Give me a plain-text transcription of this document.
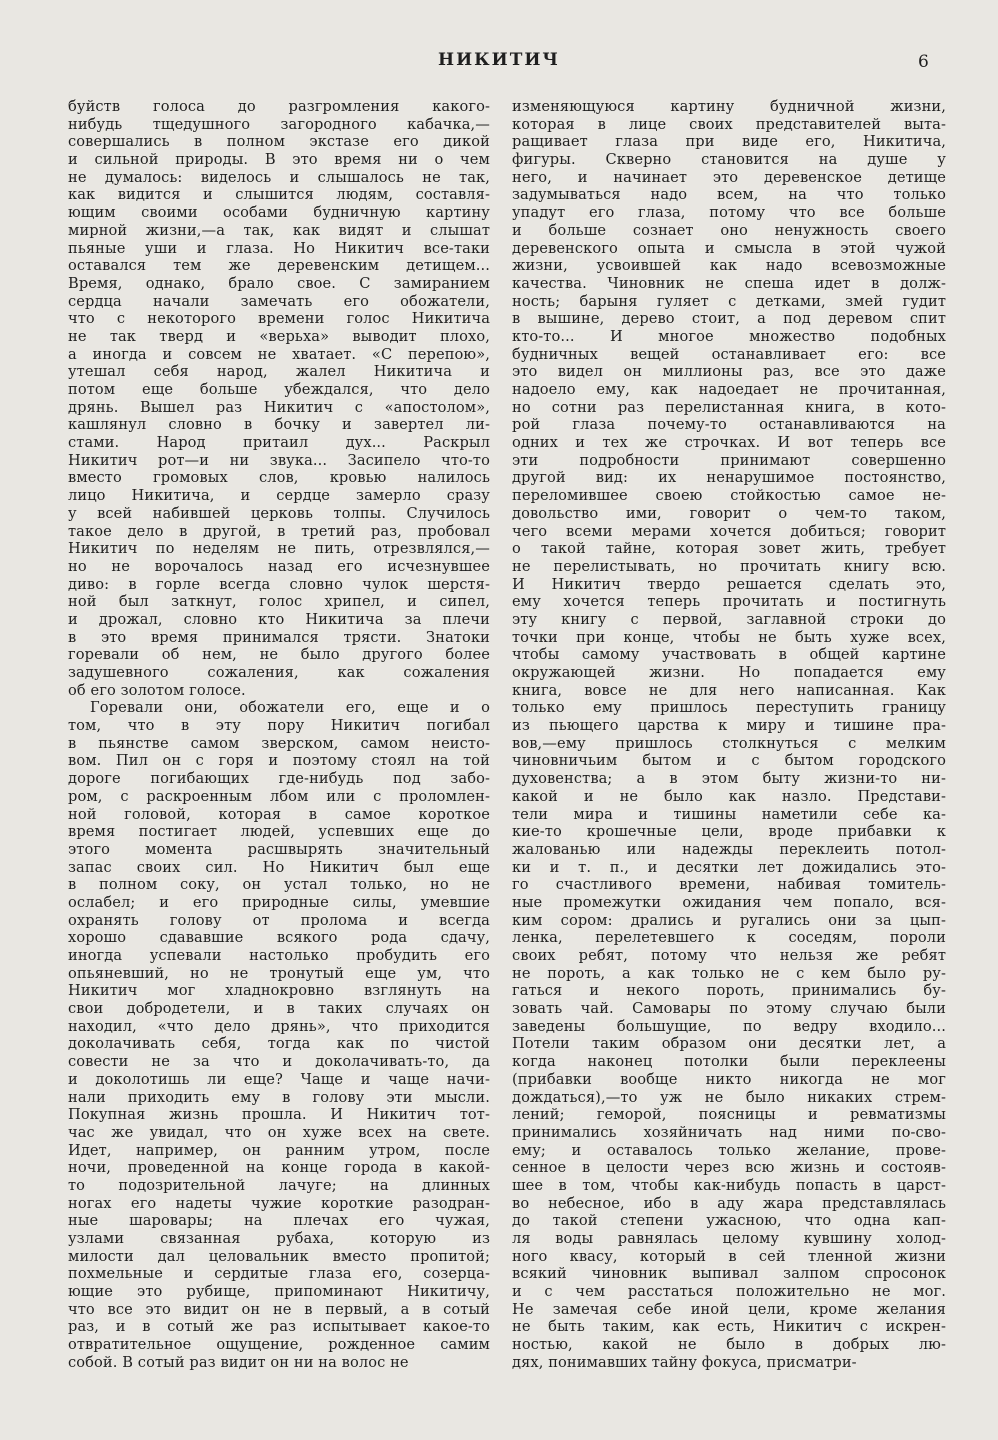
НИКИТИЧ	6
буйств голоса до разгромления какого-
нибудь тщедушного загородного кабачка,—
совершались в полном экстазе его дикой
и сильной природы. В это время ни о чем
не думалось: виделось и слышалось не так,
как видится и слышится людям, составля-
ющим своими особами будничную картину
мирной жизни,—а так, как видят и слышат
пьяные уши и глаза. Но Никитич все-таки
оставался тем же деревенским детищем...
Время, однако, брало свое. С замиранием
сердца начали замечать его обожатели,
что с некоторого времени голос Никитича
не так тверд и «верьха» выводит плохо,
а иногда и совсем не хватает. «С перепою»,
утешал себя народ, жалел Никитича и
потом еще больше убеждался, что дело
дрянь. Вышел раз Никитич с «апостолом»,
кашлянул словно в бочку и завертел ли-
стами. Народ притаил дух... Раскрыл
Никитич рот—и ни звука... Засипело что-то
вместо громовых слов, кровью налилось
лицо Никитича, и сердце замерло сразу
у всей набившей церковь толпы. Случилось
такое дело в другой, в третий раз, пробовал
Никитич по неделям не пить, отрезвлялся,—
но не ворочалось назад его исчезнувшее
диво: в горле всегда словно чулок шерстя-
ной был заткнут, голос хрипел, и сипел,
и дрожал, словно кто Никитича за плечи
в это время принимался трясти. Знатоки
горевали об нем, не было другого более
задушевного сожаления, как сожаления
об его золотом голосе.
Горевали они, обожатели его, еще и о
том, что в эту пору Никитич погибал
в пьянстве самом зверском, самом неисто-
вом. Пил он с горя и поэтому стоял на той
дороге погибающих где-нибудь под забо-
ром, с раскроенным лбом или с проломлен-
ной головой, которая в самое короткое
время постигает людей, успевших еще до
этого момента расшвырять значительный
запас своих сил. Но Никитич был еще
в полном соку, он устал только, но не
ослабел; и его природные силы, умевшие
охранять голову от пролома и всегда
хорошо сдававшие всякого рода сдачу,
иногда успевали настолько пробудить его
опьяневший, но не тронутый еще ум, что
Никитич мог хладнокровно взглянуть на
свои добродетели, и в таких случаях он
находил, «что дело дрянь», что приходится
доколачивать себя, тогда как по чистой
совести не за что и доколачивать-то, да
и доколотишь ли еще? Чаще и чаще начи-
нали приходить ему в голову эти мысли.
Покупная жизнь прошла. И Никитич тот-
час же увидал, что он хуже всех на свете.
Идет, например, он ранним утром, после
ночи, проведенной на конце города в какой-
то подозрительной лачуге; на длинных
ногах его надеты чужие короткие разодран-
ные шаровары; на плечах его чужая,
узлами связанная рубаха, которую из
милости дал целовальник вместо пропитой;
похмельные и сердитые глаза его, созерца-
ющие это рубище, припоминают Никитичу,
что все это видит он не в первый, а в сотый
раз, и в сотый же раз испытывает какое-то
отвратительное ощущение, рожденное самим
собой. В сотый раз видит он ни на волос не
изменяющуюся картину будничной жизни,
которая в лице своих представителей выта-
ращивает глаза при виде его, Никитича,
фигуры. Скверно становится на душе у
него, и начинает это деревенское детище
задумываться надо всем, на что только
упадут его глаза, потому что все больше
и больше сознает оно ненужность своего
деревенского опыта и смысла в этой чужой
жизни, усвоившей как надо всевозможные
качества. Чиновник не спеша идет в долж-
ность; барыня гуляет с детками, змей гудит
в вышине, дерево стоит, а под деревом спит
кто-то... И многое множество подобных
будничных вещей останавливает его: все
это видел он миллионы раз, все это даже
надоело ему, как надоедает не прочитанная,
но сотни раз перелистанная книга, в кото-
рой глаза почему-то останавливаются на
одних и тех же строчках. И вот теперь все
эти подробности принимают совершенно
другой вид: их ненарушимое постоянство,
переломившее своею стойкостью самое не-
довольство ими, говорит о чем-то таком,
чего всеми мерами хочется добиться; говорит
о такой тайне, которая зовет жить, требует
не перелистывать, но прочитать книгу всю.
И Никитич твердо решается сделать это,
ему хочется теперь прочитать и постигнуть
эту книгу с первой, заглавной строки до
точки при конце, чтобы не быть хуже всех,
чтобы самому участвовать в общей картине
окружающей жизни. Но попадается ему
книга, вовсе не для него написанная. Как
только ему пришлось переступить границу
из пьющего царства к миру и тишине пра-
вов,—ему пришлось столкнуться с мелким
чиновничьим бытом и с бытом городского
духовенства; а в этом быту жизни-то ни-
какой и не было как назло. Представи-
тели мира и тишины наметили себе ка-
кие-то крошечные цели, вроде прибавки к
жалованью или надежды переклеить потол-
ки и т. п., и десятки лет дожидались это-
го счастливого времени, набивая томитель-
ные промежутки ожидания чем попало, вся-
ким сором: дрались и ругались они за цып-
ленка, перелетевшего к соседям, пороли
своих ребят, потому что нельзя же ребят
не пороть, а как только не с кем было ру-
гаться и некого пороть, принимались бу-
зовать чай. Самовары по этому случаю были
заведены большущие, по ведру входило...
Потели таким образом они десятки лет, а
когда наконец потолки были переклеены
(прибавки вообще никто никогда не мог
дождаться),—то уж не было никаких стрем-
лений; геморой, поясницы и ревматизмы
принимались хозяйничать над ними по-сво-
ему; и оставалось только желание, прове-
сенное в целости через всю жизнь и состояв-
шее в том, чтобы как-нибудь попасть в царст-
во небесное, ибо в аду жара представлялась
до такой степени ужасною, что одна кап-
ля воды равнялась целому кувшину холод-
ного квасу, который в сей тленной жизни
всякий чиновник выпивал залпом спросонок
и с чем расстаться положительно не мог.
Не замечая себе иной цели, кроме желания
не быть таким, как есть, Никитич с искрен-
ностью, какой не было в добрых лю-
дях, понимавших тайну фокуса, присматри-
